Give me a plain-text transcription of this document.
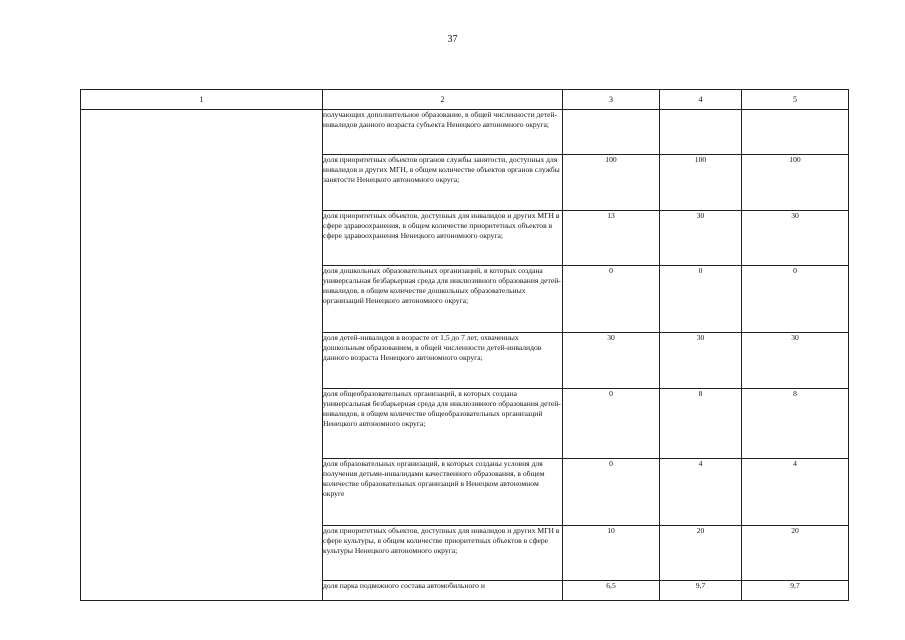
37
1	2	3	4	5
	получающих дополнительное образование, в общей численности детей-инвалидов данного возраста субъекта Ненецкого автономного округа;			
	доля приоритетных объектов органов службы занятости, доступных для инвалидов и других МГН, в общем количестве объектов органов службы занятости Ненецкого автономного округа;	100	100	100
	доля приоритетных объектов, доступных для инвалидов и других МГН в сфере здравоохранения, в общем количестве приоритетных объектов в сфере здравоохранения Ненецкого автономного округа;	13	30	30
	доля дошкольных образовательных организаций, в которых создана универсальная безбарьерная среда для инклюзивного образования детей-инвалидов, в общем количестве дошкольных образовательных организаций Ненецкого автономного округа;	0	0	0
	доля детей-инвалидов в возрасте от 1,5 до 7 лет, охваченных дошкольным образованием, в общей численности детей-инвалидов данного возраста Ненецкого автономного округа;	30	30	30
	доля общеобразовательных организаций, в которых создана универсальная безбарьерная среда для инклюзивного образования детей-инвалидов, в общем количестве общеобразовательных организаций Ненецкого автономного округа;	0	8	8
	доля образовательных организаций, в которых созданы условия для получения детьми-инвалидами качественного образования, в общем количестве образовательных организаций в Ненецком автономном округе	0	4	4
	доля приоритетных объектов, доступных для инвалидов и других МГН в сфере культуры, в общем количестве приоритетных объектов в сфере культуры Ненецкого автономного округа;	10	20	20
	доля парка подвижного состава автомобильного и	6,5	9,7	9,7
